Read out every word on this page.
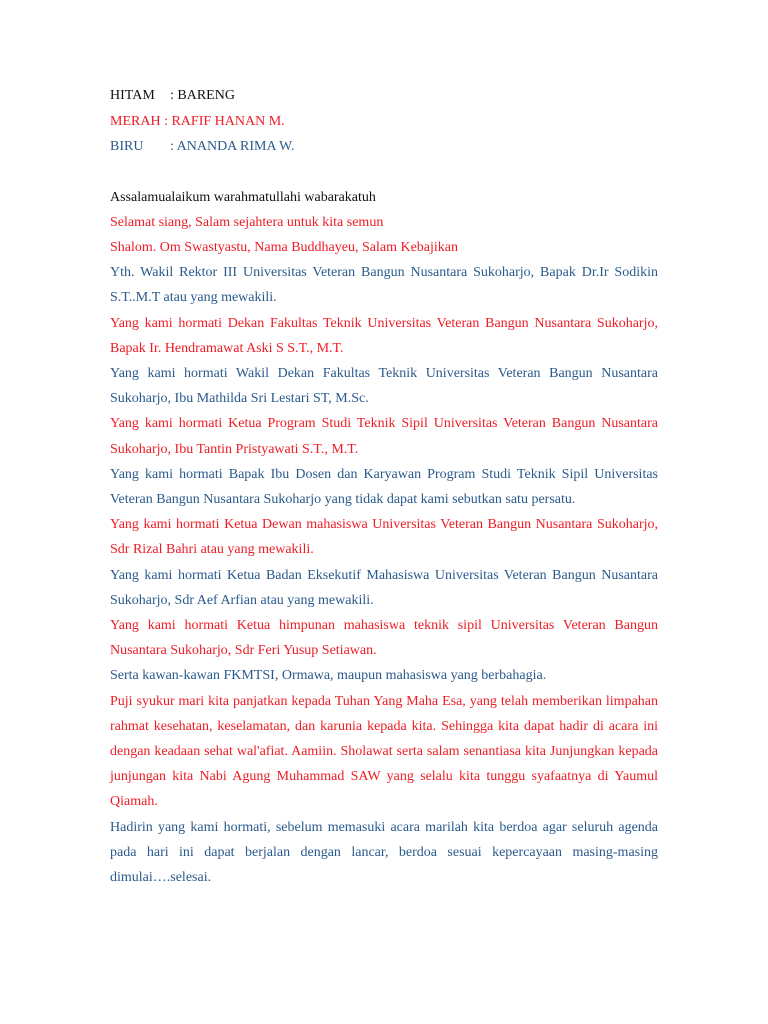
HITAM : BARENG
MERAH : RAFIF HANAN M.
BIRU : ANANDA RIMA W.

Assalamualaikum warahmatullahi wabarakatuh

Selamat siang, Salam sejahtera untuk kita semun

Shalom. Om Swastyastu, Nama Buddhayeu, Salam Kebajikan

Yth. Wakil Rektor III Universitas Veteran Bangun Nusantara Sukoharjo, Bapak Dr.Ir Sodikin S.T..M.T atau yang mewakili.

Yang kami hormati Dekan Fakultas Teknik Universitas Veteran Bangun Nusantara Sukoharjo, Bapak Ir. Hendramawat Aski S S.T., M.T.

Yang kami hormati Wakil Dekan Fakultas Teknik Universitas Veteran Bangun Nusantara Sukoharjo, Ibu Mathilda Sri Lestari ST, M.Sc.

Yang kami hormati Ketua Program Studi Teknik Sipil Universitas Veteran Bangun Nusantara Sukoharjo, Ibu Tantin Pristyawati S.T., M.T.

Yang kami hormati Bapak Ibu Dosen dan Karyawan Program Studi Teknik Sipil Universitas Veteran Bangun Nusantara Sukoharjo yang tidak dapat kami sebutkan satu persatu.

Yang kami hormati Ketua Dewan mahasiswa Universitas Veteran Bangun Nusantara Sukoharjo, Sdr Rizal Bahri atau yang mewakili.

Yang kami hormati Ketua Badan Eksekutif Mahasiswa Universitas Veteran Bangun Nusantara Sukoharjo, Sdr Aef Arfian atau yang mewakili.

Yang kami hormati Ketua himpunan mahasiswa teknik sipil Universitas Veteran Bangun Nusantara Sukoharjo, Sdr Feri Yusup Setiawan.

Serta kawan-kawan FKMTSI, Ormawa, maupun mahasiswa yang berbahagia.

Puji syukur mari kita panjatkan kepada Tuhan Yang Maha Esa, yang telah memberikan limpahan rahmat kesehatan, keselamatan, dan karunia kepada kita. Sehingga kita dapat hadir di acara ini dengan keadaan sehat wal'afiat. Aamiin. Sholawat serta salam senantiasa kita Junjungkan kepada junjungan kita Nabi Agung Muhammad SAW yang selalu kita tunggu syafaatnya di Yaumul Qiamah.

Hadirin yang kami hormati, sebelum memasuki acara marilah kita berdoa agar seluruh agenda pada hari ini dapat berjalan dengan lancar, berdoa sesuai kepercayaan masing-masing dimulai….selesai.
